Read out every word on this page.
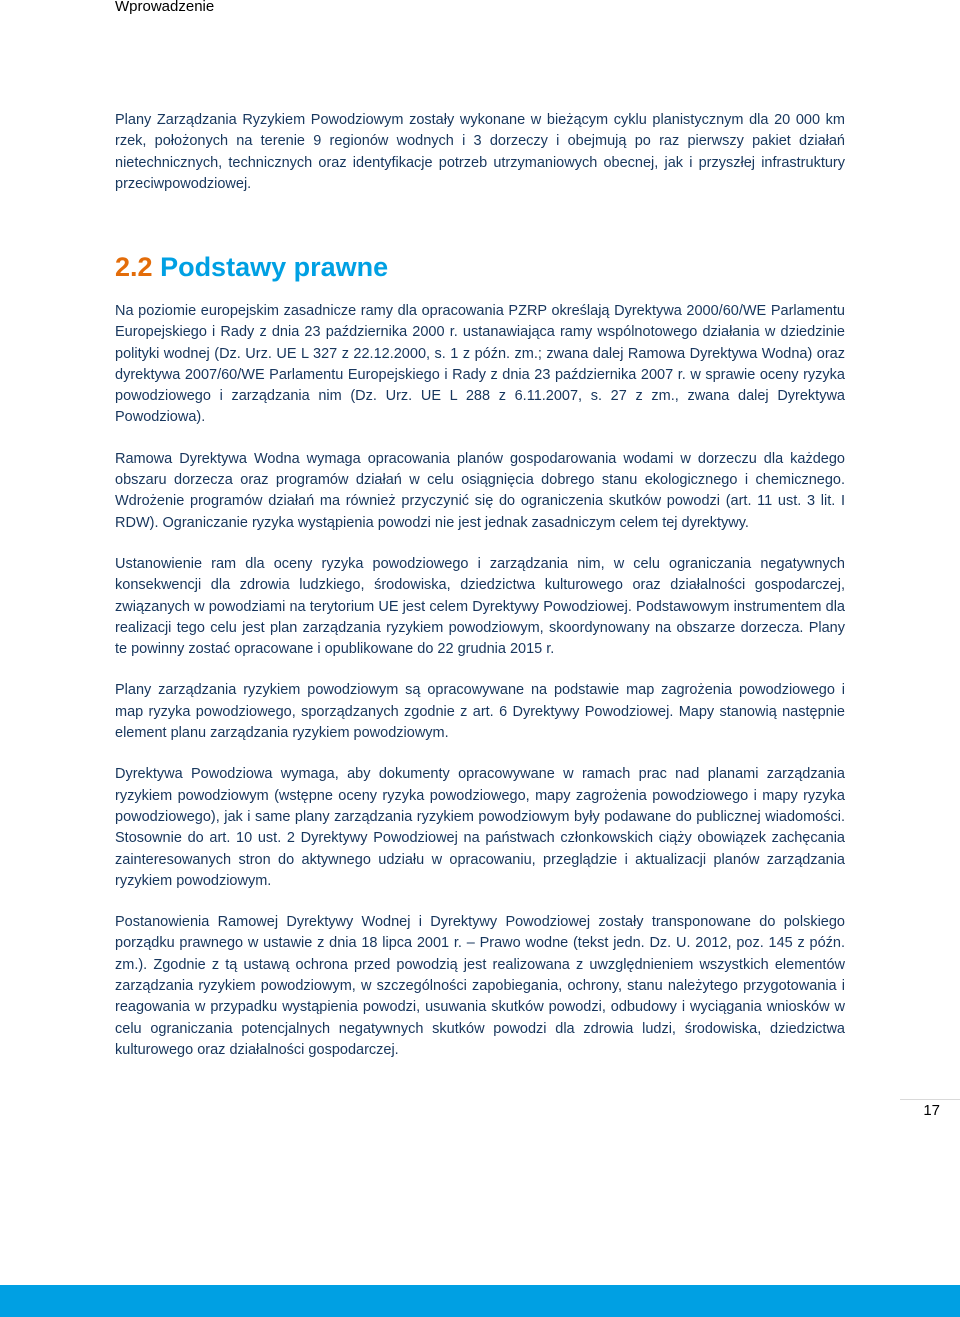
Wprowadzenie

Plany Zarządzania Ryzykiem Powodziowym zostały wykonane w bieżącym cyklu planistycznym dla 20 000 km rzek, położonych na terenie 9 regionów wodnych i 3 dorzeczy i obejmują po raz pierwszy pakiet działań nietechnicznych, technicznych oraz identyfikacje potrzeb utrzymaniowych obecnej, jak i przyszłej infrastruktury przeciwpowodziowej.

2.2 Podstawy prawne

Na poziomie europejskim zasadnicze ramy dla opracowania PZRP określają Dyrektywa 2000/60/WE Parlamentu Europejskiego i Rady z dnia 23 października 2000 r. ustanawiająca ramy wspólnotowego działania w dziedzinie polityki wodnej (Dz. Urz. UE L 327 z 22.12.2000, s. 1 z późn. zm.; zwana dalej Ramowa Dyrektywa Wodna) oraz dyrektywa 2007/60/WE Parlamentu Europejskiego i Rady z dnia 23 października 2007 r. w sprawie oceny ryzyka powodziowego i zarządzania nim (Dz. Urz. UE L 288 z 6.11.2007, s. 27 z zm., zwana dalej Dyrektywa Powodziowa).

Ramowa Dyrektywa Wodna wymaga opracowania planów gospodarowania wodami w dorzeczu dla każdego obszaru dorzecza oraz programów działań w celu osiągnięcia dobrego stanu ekologicznego i chemicznego. Wdrożenie programów działań ma również przyczynić się do ograniczenia skutków powodzi (art. 11 ust. 3 lit. I RDW). Ograniczanie ryzyka wystąpienia powodzi nie jest jednak zasadniczym celem tej dyrektywy.

Ustanowienie ram dla oceny ryzyka powodziowego i zarządzania nim, w celu ograniczania negatywnych konsekwencji dla zdrowia ludzkiego, środowiska, dziedzictwa kulturowego oraz działalności gospodarczej, związanych w powodziami na terytorium UE jest celem Dyrektywy Powodziowej. Podstawowym instrumentem dla realizacji tego celu jest plan zarządzania ryzykiem powodziowym, skoordynowany na obszarze dorzecza. Plany te powinny zostać opracowane i opublikowane do 22 grudnia 2015 r.

Plany zarządzania ryzykiem powodziowym są opracowywane na podstawie map zagrożenia powodziowego i map ryzyka powodziowego, sporządzanych zgodnie z art. 6 Dyrektywy Powodziowej. Mapy stanowią następnie element planu zarządzania ryzykiem powodziowym.

Dyrektywa Powodziowa wymaga, aby dokumenty opracowywane w ramach prac nad planami zarządzania ryzykiem powodziowym (wstępne oceny ryzyka powodziowego, mapy zagrożenia powodziowego i mapy ryzyka powodziowego), jak i same plany zarządzania ryzykiem powodziowym były podawane do publicznej wiadomości. Stosownie do art. 10 ust. 2 Dyrektywy Powodziowej na państwach członkowskich ciąży obowiązek zachęcania zainteresowanych stron do aktywnego udziału w opracowaniu, przeglądzie i aktualizacji planów zarządzania ryzykiem powodziowym.

Postanowienia Ramowej Dyrektywy Wodnej i Dyrektywy Powodziowej zostały transponowane do polskiego porządku prawnego w ustawie z dnia 18 lipca 2001 r. – Prawo wodne (tekst jedn. Dz. U. 2012, poz. 145 z późn. zm.). Zgodnie z tą ustawą ochrona przed powodzią jest realizowana z uwzględnieniem wszystkich elementów zarządzania ryzykiem powodziowym, w szczególności zapobiegania, ochrony, stanu należytego przygotowania i reagowania w przypadku wystąpienia powodzi, usuwania skutków powodzi, odbudowy i wyciągania wniosków w celu ograniczania potencjalnych negatywnych skutków powodzi dla zdrowia ludzi, środowiska, dziedzictwa kulturowego oraz działalności gospodarczej.

17
